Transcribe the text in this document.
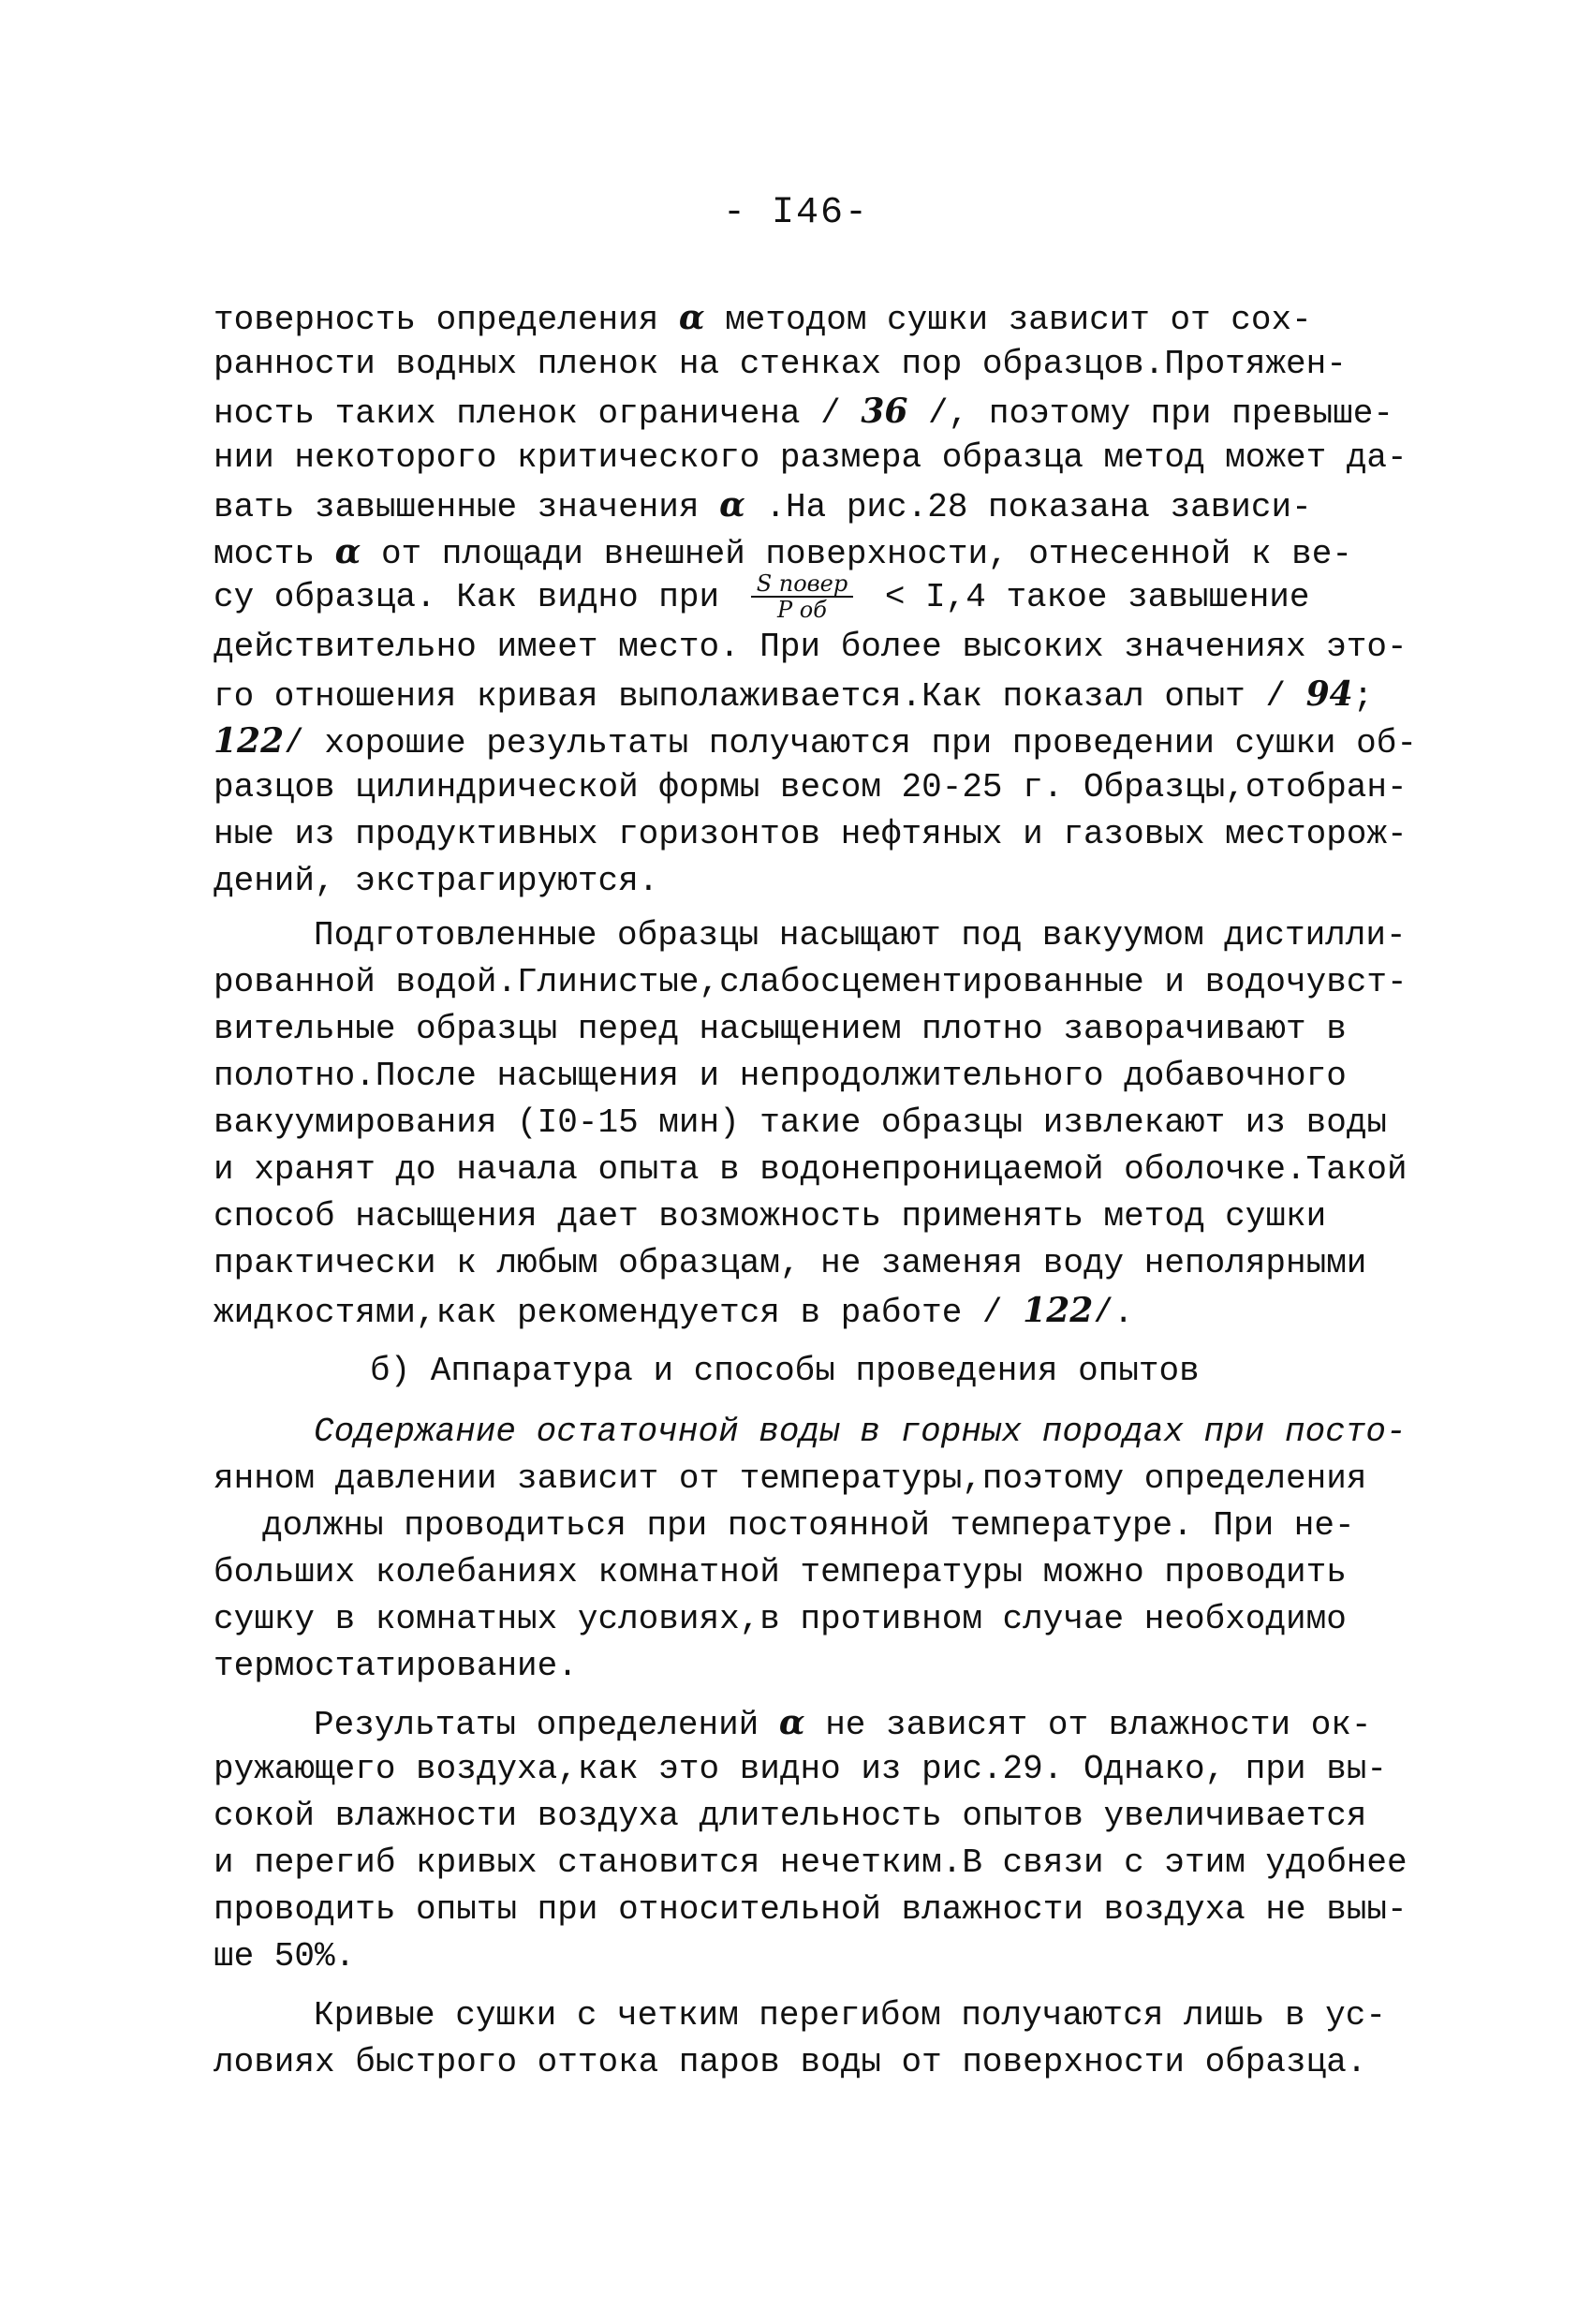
- I46-
товерность определения α методом сушки зависит от сох-
ранности водных пленок на стенках пор образцов.Протяжен-
ность таких пленок ограничена / 36 /, поэтому при превыше-
нии некоторого критического размера образца метод может да-
вать завышенные значения α .На рис.28 показана зависи-
мость α от площади внешней поверхности, отнесенной к ве-
су образца. Как видно при $\frac{\text{S повер}}{\text{P об}} < I,4$ такое завышение
действительно имеет место. При более высоких значениях это-
го отношения кривая выполаживается.Как показал опыт / 94;
122/ хорошие результаты получаются при проведении сушки об-
разцов цилиндрической формы весом 20-25 г. Образцы,отобран-
ные из продуктивных горизонтов нефтяных и газовых месторож-
дений, экстрагируются.
Подготовленные образцы насыщают под вакуумом дистилли-
рованной водой.Глинистые,слабосцементированные и водочувст-
вительные образцы перед насыщением плотно заворачивают в
полотно.После насыщения и непродолжительного добавочного
вакуумирования (I0-15 мин) такие образцы извлекают из воды
и хранят до начала опыта в водонепроницаемой оболочке.Такой
способ насыщения дает возможность применять метод сушки
практически к любым образцам, не заменяя воду неполярными
жидкостями,как рекомендуется в работе / 122/.
б) Аппаратура и способы проведения опытов
Содержание остаточной воды в горных породах при посто-
янном давлении зависит от температуры,поэтому определения
должны проводиться при постоянной температуре. При не-
больших колебаниях комнатной температуры можно проводить
сушку в комнатных условиях,в противном случае необходимо
термостатирование.
Результаты определений α не зависят от влажности ок-
ружающего воздуха,как это видно из рис.29. Однако, при вы-
сокой влажности воздуха длительность опытов увеличивается
и перегиб кривых становится нечетким.В связи с этим удобнее
проводить опыты при относительной влажности воздуха не выы-
ше 50%.
Кривые сушки с четким перегибом получаются лишь в ус-
ловиях быстрого оттока паров воды от поверхности образца.
